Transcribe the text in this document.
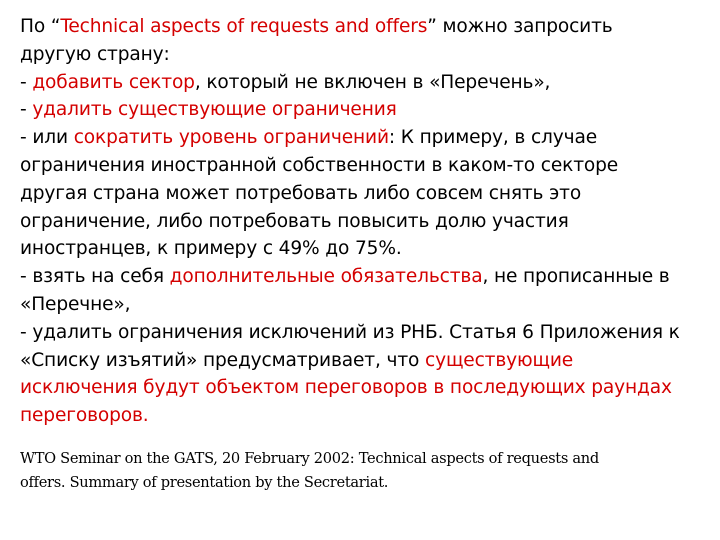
По “Technical aspects of requests and offers” можно запросить
другую страну:
- добавить сектор, который не включен в «Перечень»,
- удалить существующие ограничения
- или сократить уровень ограничений: К примеру, в случае
ограничения иностранной собственности в каком-то секторе
другая страна может потребовать либо совсем снять это
ограничение, либо потребовать повысить долю участия
иностранцев, к примеру с 49% до 75%.
- взять на себя дополнительные обязательства, не прописанные в
«Перечне»,
- удалить ограничения исключений из РНБ. Статья 6 Приложения к
«Списку изъятий» предусматривает, что существующие
исключения будут объектом переговоров в последующих раундах
переговоров.
WTO Seminar on the GATS, 20 February 2002: Technical aspects of requests and
offers. Summary of presentation by the Secretariat.
